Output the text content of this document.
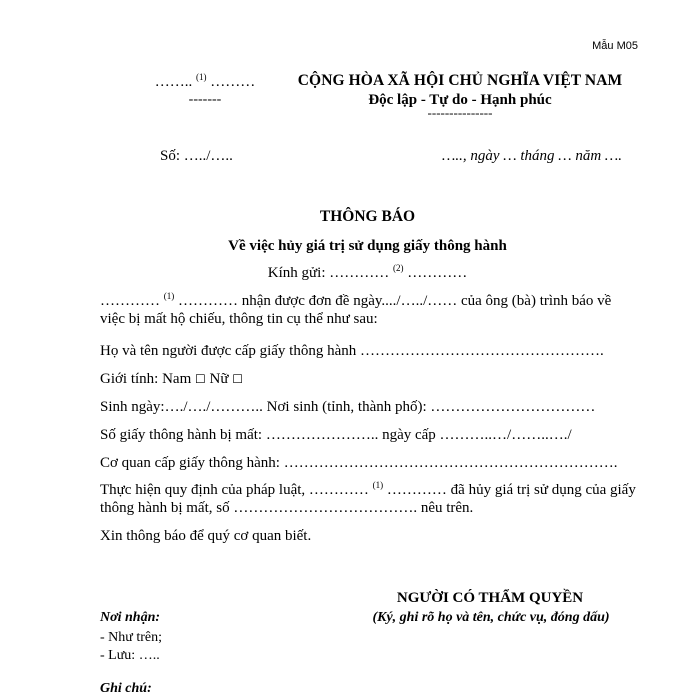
Mẫu M05
…….. $^{(1)}$ ………
-------
CỘNG HÒA XÃ HỘI CHỦ NGHĨA VIỆT NAM
Độc lập - Tự do - Hạnh phúc
---------------
Số: …../…..	….., ngày … tháng … năm ….
THÔNG BÁO
Về việc hủy giá trị sử dụng giấy thông hành
Kính gửi: ………… $^{(2)}$ …………
………… $^{(1)}$ ………… nhận được đơn đề ngày..../…../…… của ông (bà) trình báo về việc bị mất hộ chiếu, thông tin cụ thể như sau:
Họ và tên người được cấp giấy thông hành ………………………………………….
Giới tính: Nam ☐ Nữ ☐
Sinh ngày:…./…./……….. Nơi sinh (tỉnh, thành phố): ……………………………
Số giấy thông hành bị mất: ………………….. ngày cấp ………..…/……..…./
Cơ quan cấp giấy thông hành: ………………………………………………………….
Thực hiện quy định của pháp luật, ………… $^{(1)}$ ………… đã hủy giá trị sử dụng của giấy thông hành bị mất, số ………………………………. nêu trên.
Xin thông báo để quý cơ quan biết.
NGƯỜI CÓ THẨM QUYỀN
(Ký, ghi rõ họ và tên, chức vụ, đóng dấu)
Nơi nhận:
- Như trên;
- Lưu: …..
Ghi chú:
